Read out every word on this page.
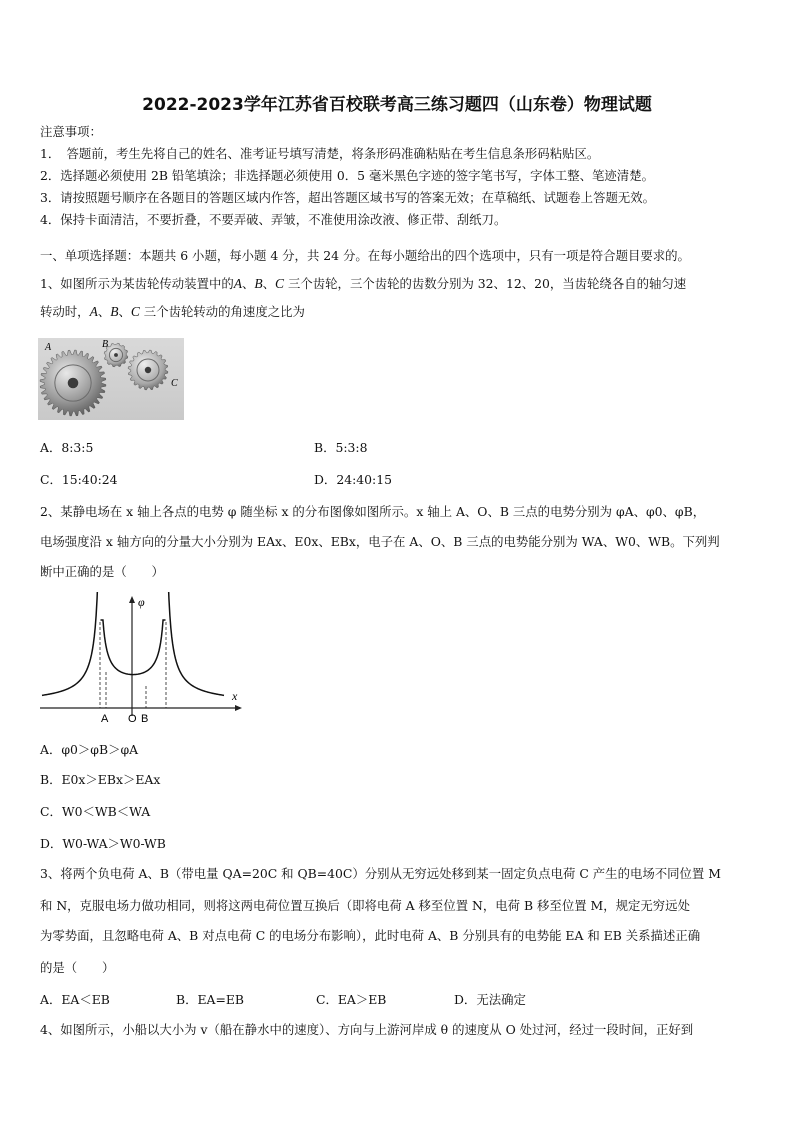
2022-2023学年江苏省百校联考高三练习题四（山东卷）物理试题
注意事项：
1．　答题前，考生先将自己的姓名、准考证号填写清楚，将条形码准确粘贴在考生信息条形码粘贴区。
2．选择题必须使用 2B 铅笔填涂；非选择题必须使用 0．5 毫米黑色字迹的签字笔书写，字体工整、笔迹清楚。
3．请按照题号顺序在各题目的答题区域内作答，超出答题区域书写的答案无效；在草稿纸、试题卷上答题无效。
4．保持卡面清洁，不要折叠，不要弄破、弄皱，不准使用涂改液、修正带、刮纸刀。
一、单项选择题：本题共 6 小题，每小题 4 分，共 24 分。在每小题给出的四个选项中，只有一项是符合题目要求的。
1、如图所示为某齿轮传动装置中的A、B、C 三个齿轮，三个齿轮的齿数分别为 32、12、20，当齿轮绕各自的轴匀速
转动时，A、B、C 三个齿轮转动的角速度之比为
A	B
C
A．8:3:5	B．5:3:8
C．15:40:24	D．24:40:15
2、某静电场在 x 轴上各点的电势 φ 随坐标 x 的分布图像如图所示。x 轴上 A、O、B 三点的电势分别为 φA、φ0、φB，
电场强度沿 x 轴方向的分量大小分别为 EAx、E0x、EBx，电子在 A、O、B 三点的电势能分别为 WA、W0、WB。下列判
断中正确的是（　　）
φ
x
A O B
A．φ0＞φB＞φA
B．E0x＞EBx＞EAx
C．W0＜WB＜WA
D．W0-WA＞W0-WB
3、将两个负电荷 A、B（带电量 QA=20C 和 QB=40C）分别从无穷远处移到某一固定负点电荷 C 产生的电场不同位置 M
和 N，克服电场力做功相同，则将这两电荷位置互换后（即将电荷 A 移至位置 N，电荷 B 移至位置 M，规定无穷远处
为零势面，且忽略电荷 A、B 对点电荷 C 的电场分布影响），此时电荷 A、B 分别具有的电势能 EA 和 EB 关系描述正确
的是（　　）
A．EA＜EB	B．EA=EB	C．EA＞EB	D．无法确定
4、如图所示，小船以大小为 v（船在静水中的速度）、方向与上游河岸成 θ 的速度从 O 处过河，经过一段时间，正好到
